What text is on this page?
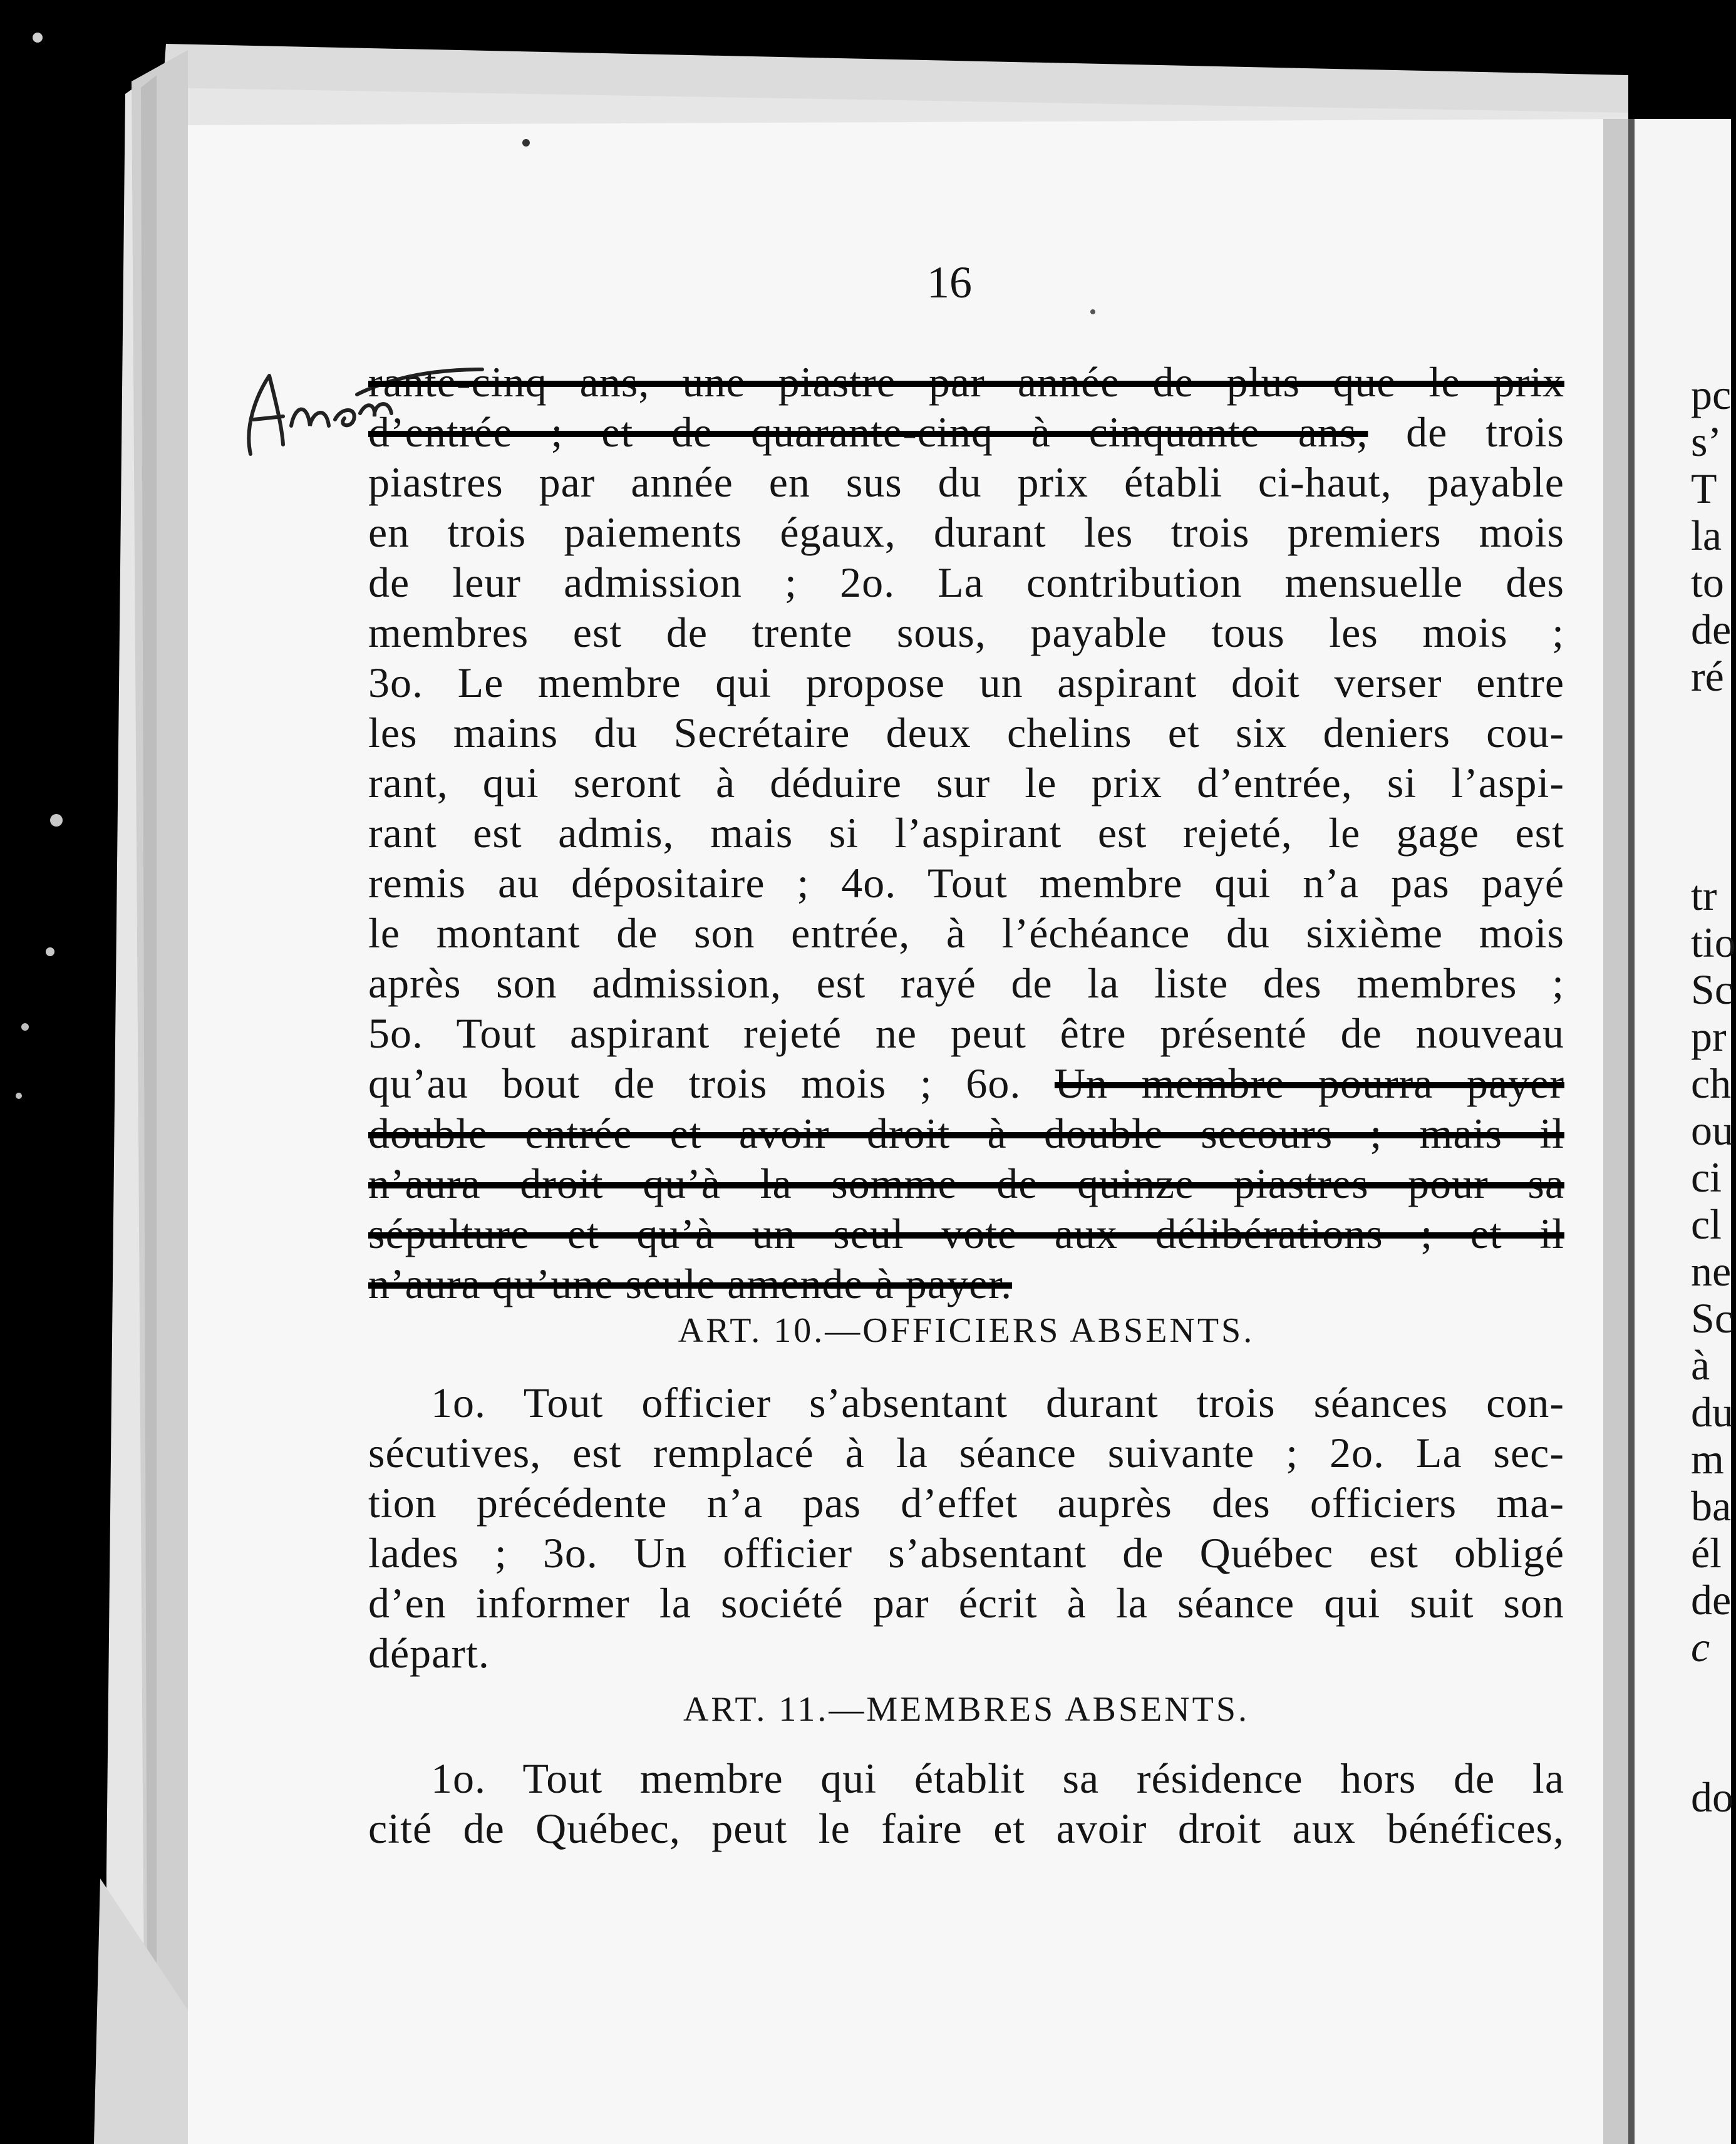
16
rante-cinq ans, une piastre par année de plus que le prix
d’entrée ; et de quarante-cinq à cinquante ans, de trois
piastres par année en sus du prix établi ci-haut, payable
en trois paiements égaux, durant les trois premiers mois
de leur admission ; 2o. La contribution mensuelle des
membres est de trente sous, payable tous les mois ;
3o. Le membre qui propose un aspirant doit verser entre
les mains du Secrétaire deux chelins et six deniers cou-
rant, qui seront à déduire sur le prix d’entrée, si l’aspi-
rant est admis, mais si l’aspirant est rejeté, le gage est
remis au dépositaire ; 4o. Tout membre qui n’a pas payé
le montant de son entrée, à l’échéance du sixième mois
après son admission, est rayé de la liste des membres ;
5o. Tout aspirant rejeté ne peut être présenté de nouveau
qu’au bout de trois mois ; 6o. Un membre pourra payer
double entrée et avoir droit à double secours ; mais il
n’aura droit qu’à la somme de quinze piastres pour sa
sépulture et qu’à un seul vote aux délibérations ; et il
n’aura qu’une seule amende à payer.
ART. 10.—OFFICIERS ABSENTS.
1o. Tout officier s’absentant durant trois séances con-
sécutives, est remplacé à la séance suivante ; 2o. La sec-
tion précédente n’a pas d’effet auprès des officiers ma-
lades ; 3o. Un officier s’absentant de Québec est obligé
d’en informer la société par écrit à la séance qui suit son
départ.
ART. 11.—MEMBRES ABSENTS.
1o. Tout membre qui établit sa résidence hors de la
cité de Québec, peut le faire et avoir droit aux bénéfices,
pc
s’
T
la
to
de
ré
tr
tio
Sc
pr
ch
ou
ci
cl
ne
Sc
à
du
m
ba
él
de
c
do
